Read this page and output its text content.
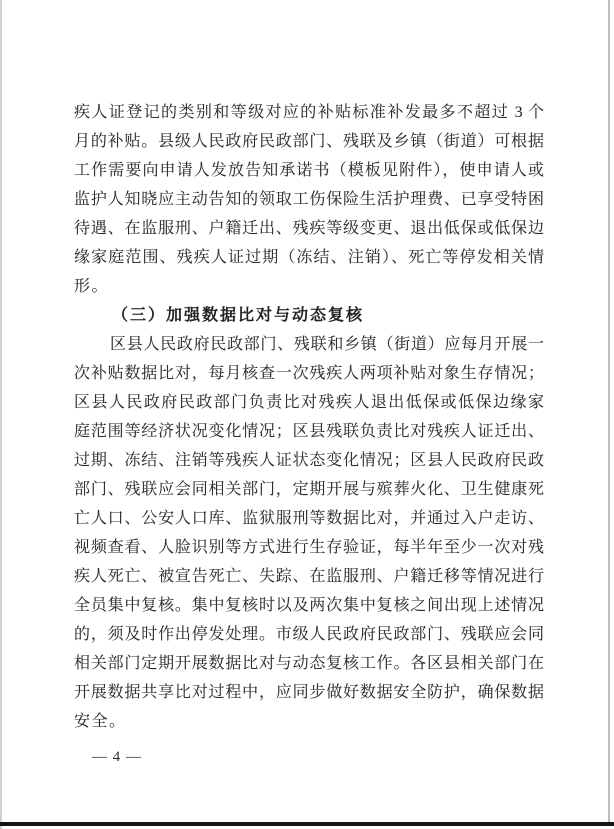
疾人证登记的类别和等级对应的补贴标准补发最多不超过 3 个
月的补贴。县级人民政府民政部门、残联及乡镇（街道）可根据
工作需要向申请人发放告知承诺书（模板见附件），使申请人或
监护人知晓应主动告知的领取工伤保险生活护理费、已享受特困
待遇、在监服刑、户籍迁出、残疾等级变更、退出低保或低保边
缘家庭范围、残疾人证过期（冻结、注销）、死亡等停发相关情
形。
（三）加强数据比对与动态复核
区县人民政府民政部门、残联和乡镇（街道）应每月开展一
次补贴数据比对，每月核查一次残疾人两项补贴对象生存情况；
区县人民政府民政部门负责比对残疾人退出低保或低保边缘家
庭范围等经济状况变化情况；区县残联负责比对残疾人证迁出、
过期、冻结、注销等残疾人证状态变化情况；区县人民政府民政
部门、残联应会同相关部门，定期开展与殡葬火化、卫生健康死
亡人口、公安人口库、监狱服刑等数据比对，并通过入户走访、
视频查看、人脸识别等方式进行生存验证，每半年至少一次对残
疾人死亡、被宣告死亡、失踪、在监服刑、户籍迁移等情况进行
全员集中复核。集中复核时以及两次集中复核之间出现上述情况
的，须及时作出停发处理。市级人民政府民政部门、残联应会同
相关部门定期开展数据比对与动态复核工作。各区县相关部门在
开展数据共享比对过程中，应同步做好数据安全防护，确保数据
安全。
— 4 —
